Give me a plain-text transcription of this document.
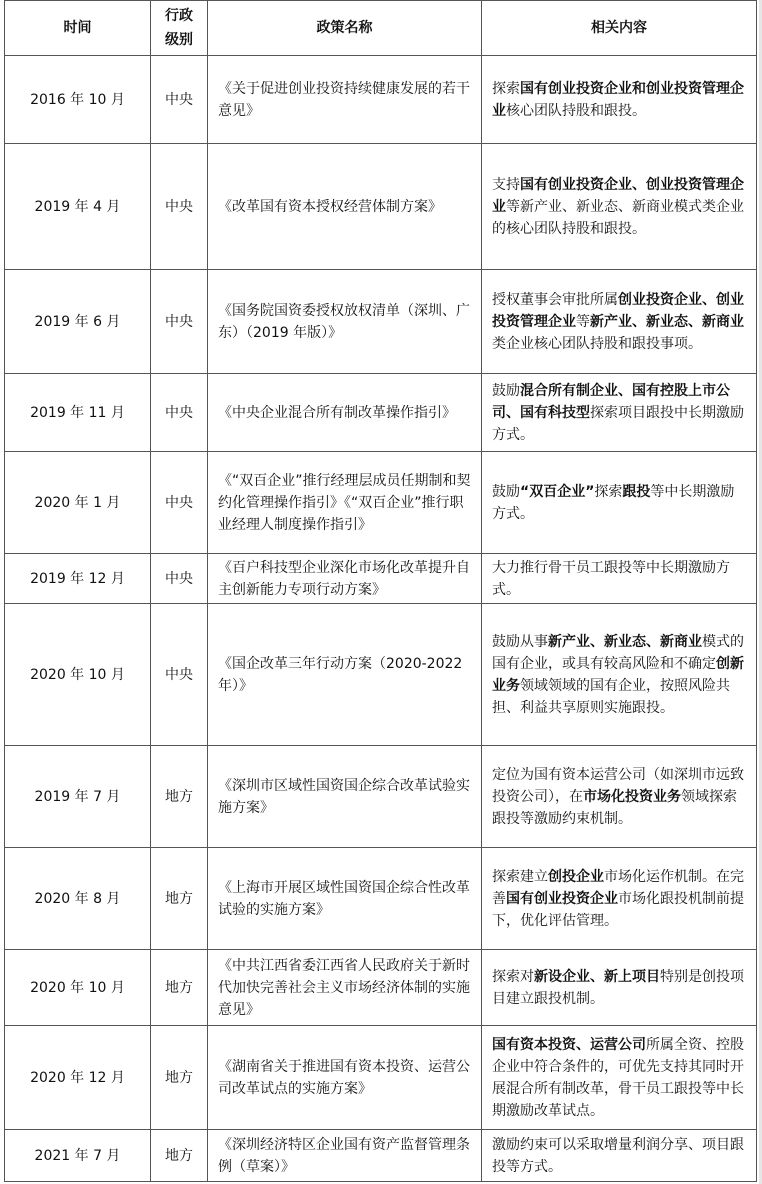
时间	行政级别	政策名称	相关内容
2016 年 10 月	中央	《关于促进创业投资持续健康发展的若干意见》	探索国有创业投资企业和创业投资管理企业核心团队持股和跟投。
2019 年 4 月	中央	《改革国有资本授权经营体制方案》	支持国有创业投资企业、创业投资管理企业等新产业、新业态、新商业模式类企业的核心团队持股和跟投。
2019 年 6 月	中央	《国务院国资委授权放权清单（深圳、广东）（2019 年版）》	授权董事会审批所属创业投资企业、创业投资管理企业等新产业、新业态、新商业类企业核心团队持股和跟投事项。
2019 年 11 月	中央	《中央企业混合所有制改革操作指引》	鼓励混合所有制企业、国有控股上市公司、国有科技型探索项目跟投中长期激励方式。
2020 年 1 月	中央	《“双百企业”推行经理层成员任期制和契约化管理操作指引》《“双百企业”推行职业经理人制度操作指引》	鼓励“双百企业”探索跟投等中长期激励方式。
2019 年 12 月	中央	《百户科技型企业深化市场化改革提升自主创新能力专项行动方案》	大力推行骨干员工跟投等中长期激励方式。
2020 年 10 月	中央	《国企改革三年行动方案（2020-2022 年）》	鼓励从事新产业、新业态、新商业模式的国有企业，或具有较高风险和不确定创新业务领域领域的国有企业，按照风险共担、利益共享原则实施跟投。
2019 年 7 月	地方	《深圳市区域性国资国企综合改革试验实施方案》	定位为国有资本运营公司（如深圳市远致投资公司），在市场化投资业务领域探索跟投等激励约束机制。
2020 年 8 月	地方	《上海市开展区域性国资国企综合性改革试验的实施方案》	探索建立创投企业市场化运作机制。在完善国有创业投资企业市场化跟投机制前提下，优化评估管理。
2020 年 10 月	地方	《中共江西省委江西省人民政府关于新时代加快完善社会主义市场经济体制的实施意见》	探索对新设企业、新上项目特别是创投项目建立跟投机制。
2020 年 12 月	地方	《湖南省关于推进国有资本投资、运营公司改革试点的实施方案》	国有资本投资、运营公司所属全资、控股企业中符合条件的，可优先支持其同时开展混合所有制改革，骨干员工跟投等中长期激励改革试点。
2021 年 7 月	地方	《深圳经济特区企业国有资产监督管理条例（草案）》	激励约束可以采取增量利润分享、项目跟投等方式。
